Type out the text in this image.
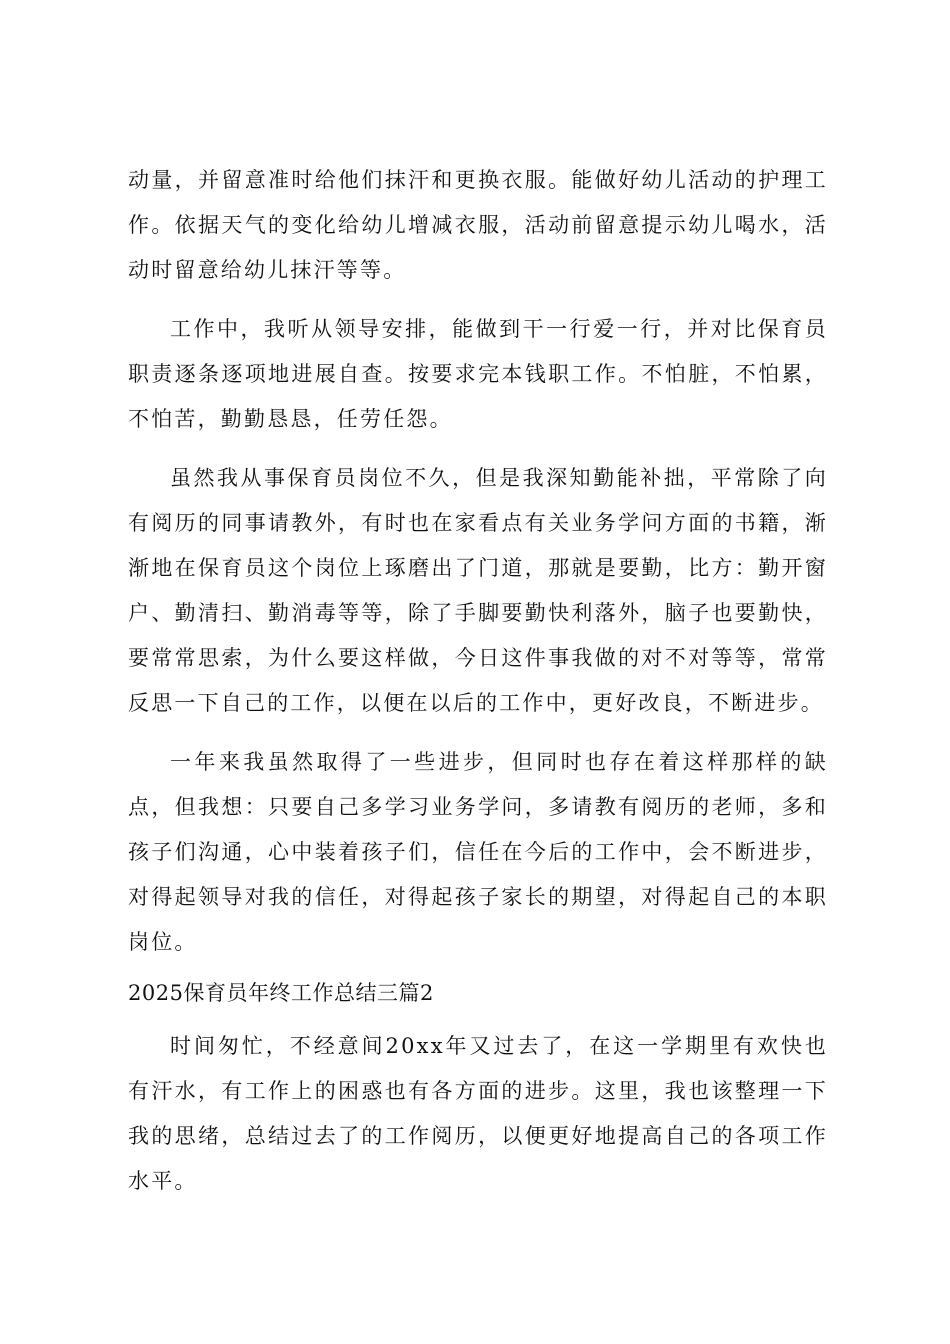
动量，并留意准时给他们抹汗和更换衣服。能做好幼儿活动的护理工作。依据天气的变化给幼儿增减衣服，活动前留意提示幼儿喝水，活动时留意给幼儿抹汗等等。

工作中，我听从领导安排，能做到干一行爱一行，并对比保育员职责逐条逐项地进展自查。按要求完本钱职工作。不怕脏，不怕累，不怕苦，勤勤恳恳，任劳任怨。

虽然我从事保育员岗位不久，但是我深知勤能补拙，平常除了向有阅历的同事请教外，有时也在家看点有关业务学问方面的书籍，渐渐地在保育员这个岗位上琢磨出了门道，那就是要勤，比方：勤开窗户、勤清扫、勤消毒等等，除了手脚要勤快利落外，脑子也要勤快，要常常思索，为什么要这样做，今日这件事我做的对不对等等，常常反思一下自己的工作，以便在以后的工作中，更好改良，不断进步。

一年来我虽然取得了一些进步，但同时也存在着这样那样的缺点，但我想：只要自己多学习业务学问，多请教有阅历的老师，多和孩子们沟通，心中装着孩子们，信任在今后的工作中，会不断进步，对得起领导对我的信任，对得起孩子家长的期望，对得起自己的本职岗位。

2025保育员年终工作总结三篇2

时间匆忙，不经意间20xx年又过去了，在这一学期里有欢快也有汗水，有工作上的困惑也有各方面的进步。这里，我也该整理一下我的思绪，总结过去了的工作阅历，以便更好地提高自己的各项工作水平。
